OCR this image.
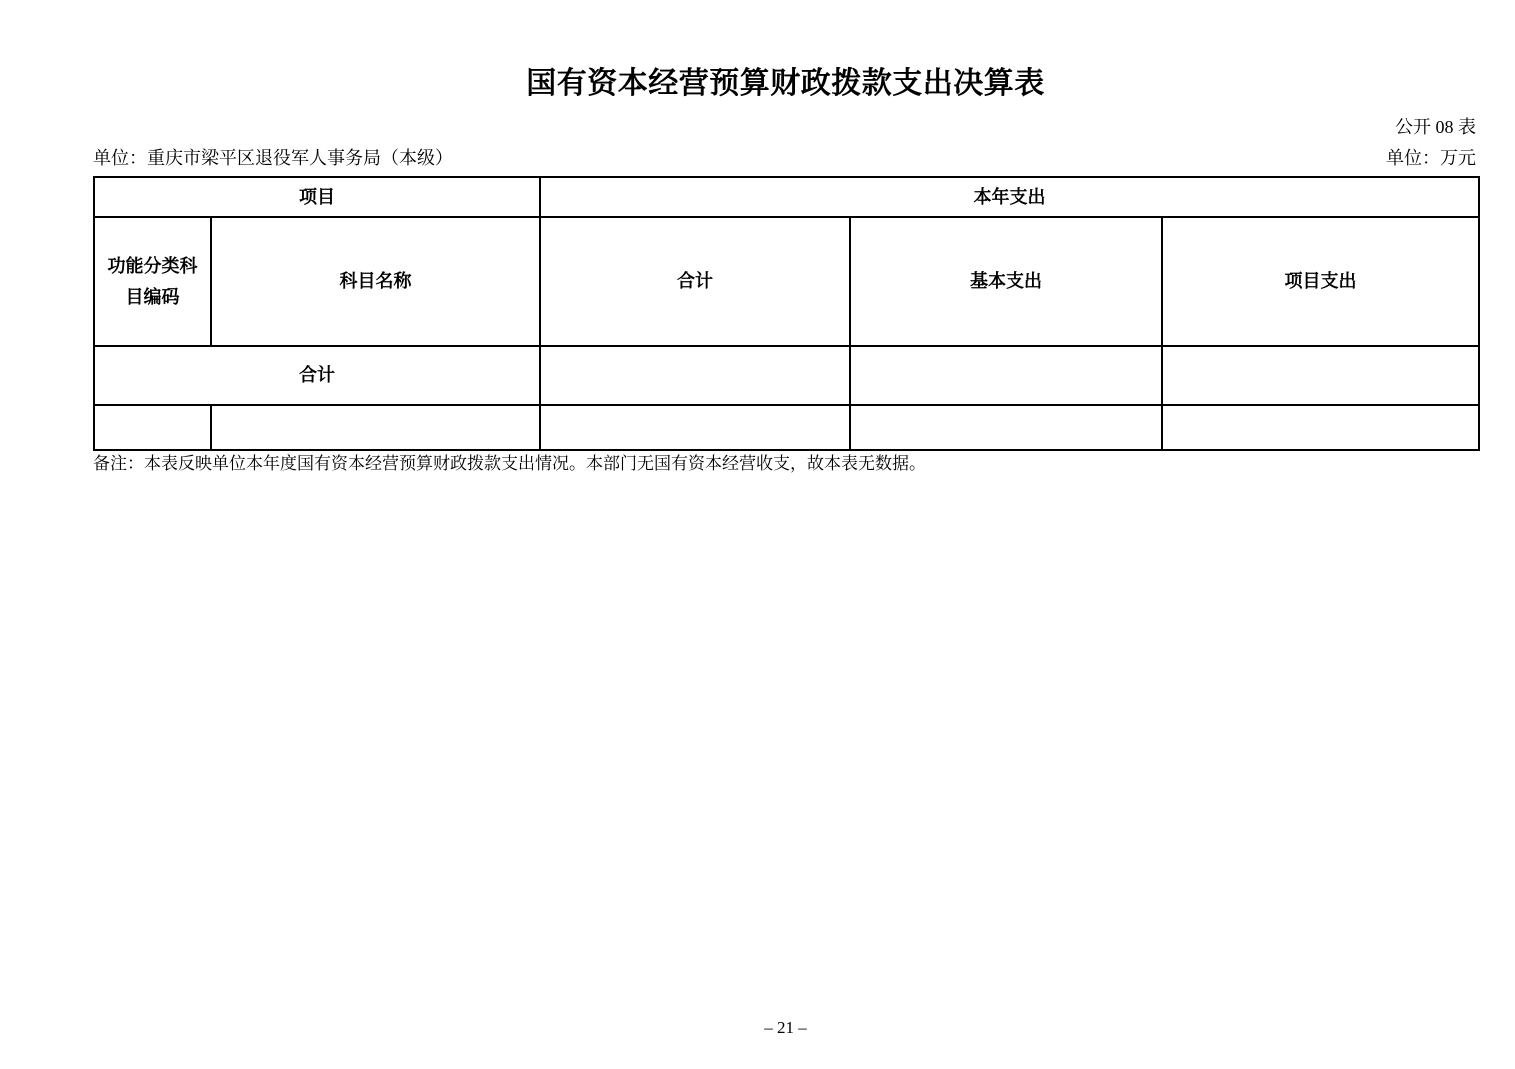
国有资本经营预算财政拨款支出决算表
公开 08 表
单位：重庆市梁平区退役军人事务局（本级）	单位：万元
项目		本年支出		
功能分类科目编码	科目名称	合计	基本支出	项目支出
合计				

备注：本表反映单位本年度国有资本经营预算财政拨款支出情况。本部门无国有资本经营收支，故本表无数据。
– 21 –
